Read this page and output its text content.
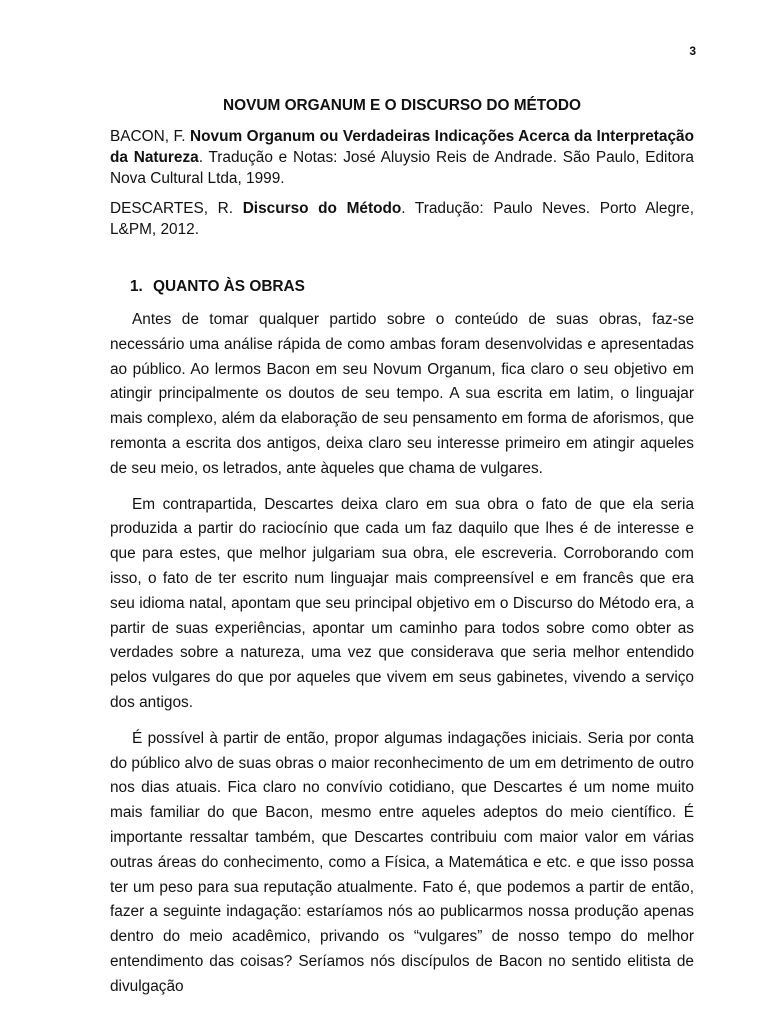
3
NOVUM ORGANUM E O DISCURSO DO MÉTODO

BACON, F. Novum Organum ou Verdadeiras Indicações Acerca da Interpretação da Natureza. Tradução e Notas: José Aluysio Reis de Andrade. São Paulo, Editora Nova Cultural Ltda, 1999.

DESCARTES, R. Discurso do Método. Tradução: Paulo Neves. Porto Alegre, L&PM, 2012.

1. QUANTO ÀS OBRAS

Antes de tomar qualquer partido sobre o conteúdo de suas obras, faz-se necessário uma análise rápida de como ambas foram desenvolvidas e apresentadas ao público. Ao lermos Bacon em seu Novum Organum, fica claro o seu objetivo em atingir principalmente os doutos de seu tempo. A sua escrita em latim, o linguajar mais complexo, além da elaboração de seu pensamento em forma de aforismos, que remonta a escrita dos antigos, deixa claro seu interesse primeiro em atingir aqueles de seu meio, os letrados, ante àqueles que chama de vulgares.

Em contrapartida, Descartes deixa claro em sua obra o fato de que ela seria produzida a partir do raciocínio que cada um faz daquilo que lhes é de interesse e que para estes, que melhor julgariam sua obra, ele escreveria. Corroborando com isso, o fato de ter escrito num linguajar mais compreensível e em francês que era seu idioma natal, apontam que seu principal objetivo em o Discurso do Método era, a partir de suas experiências, apontar um caminho para todos sobre como obter as verdades sobre a natureza, uma vez que considerava que seria melhor entendido pelos vulgares do que por aqueles que vivem em seus gabinetes, vivendo a serviço dos antigos.

É possível à partir de então, propor algumas indagações iniciais. Seria por conta do público alvo de suas obras o maior reconhecimento de um em detrimento de outro nos dias atuais. Fica claro no convívio cotidiano, que Descartes é um nome muito mais familiar do que Bacon, mesmo entre aqueles adeptos do meio científico. É importante ressaltar também, que Descartes contribuiu com maior valor em várias outras áreas do conhecimento, como a Física, a Matemática e etc. e que isso possa ter um peso para sua reputação atualmente. Fato é, que podemos a partir de então, fazer a seguinte indagação: estaríamos nós ao publicarmos nossa produção apenas dentro do meio acadêmico, privando os “vulgares” de nosso tempo do melhor entendimento das coisas? Seríamos nós discípulos de Bacon no sentido elitista de divulgação
